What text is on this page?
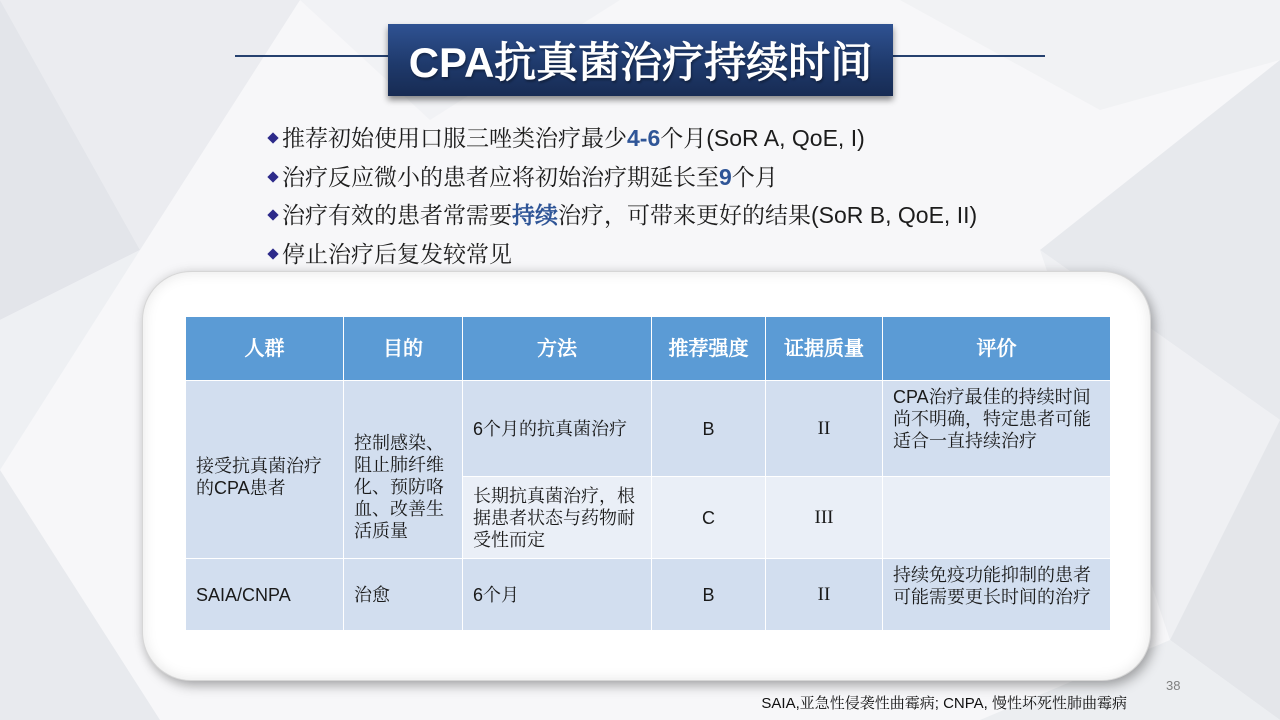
CPA抗真菌治疗持续时间
推荐初始使用口服三唑类治疗最少4-6个月(SoR A, QoE, I)
治疗反应微小的患者应将初始治疗期延长至9个月
治疗有效的患者常需要持续治疗，可带来更好的结果(SoR B, QoE, II)
停止治疗后复发较常见
人群	目的	方法	推荐强度	证据质量	评价
接受抗真菌治疗
的CPA患者	控制感染、
阻止肺纤维
化、预防咯
血、改善生
活质量	6个月的抗真菌治疗	B	II	CPA治疗最佳的持续时间
尚不明确，特定患者可能
适合一直持续治疗
		长期抗真菌治疗，根
据患者状态与药物耐
受性而定	C	III	
SAIA/CNPA	治愈	6个月	B	II	持续免疫功能抑制的患者
可能需要更长时间的治疗
38
SAIA,亚急性侵袭性曲霉病; CNPA, 慢性坏死性肺曲霉病
